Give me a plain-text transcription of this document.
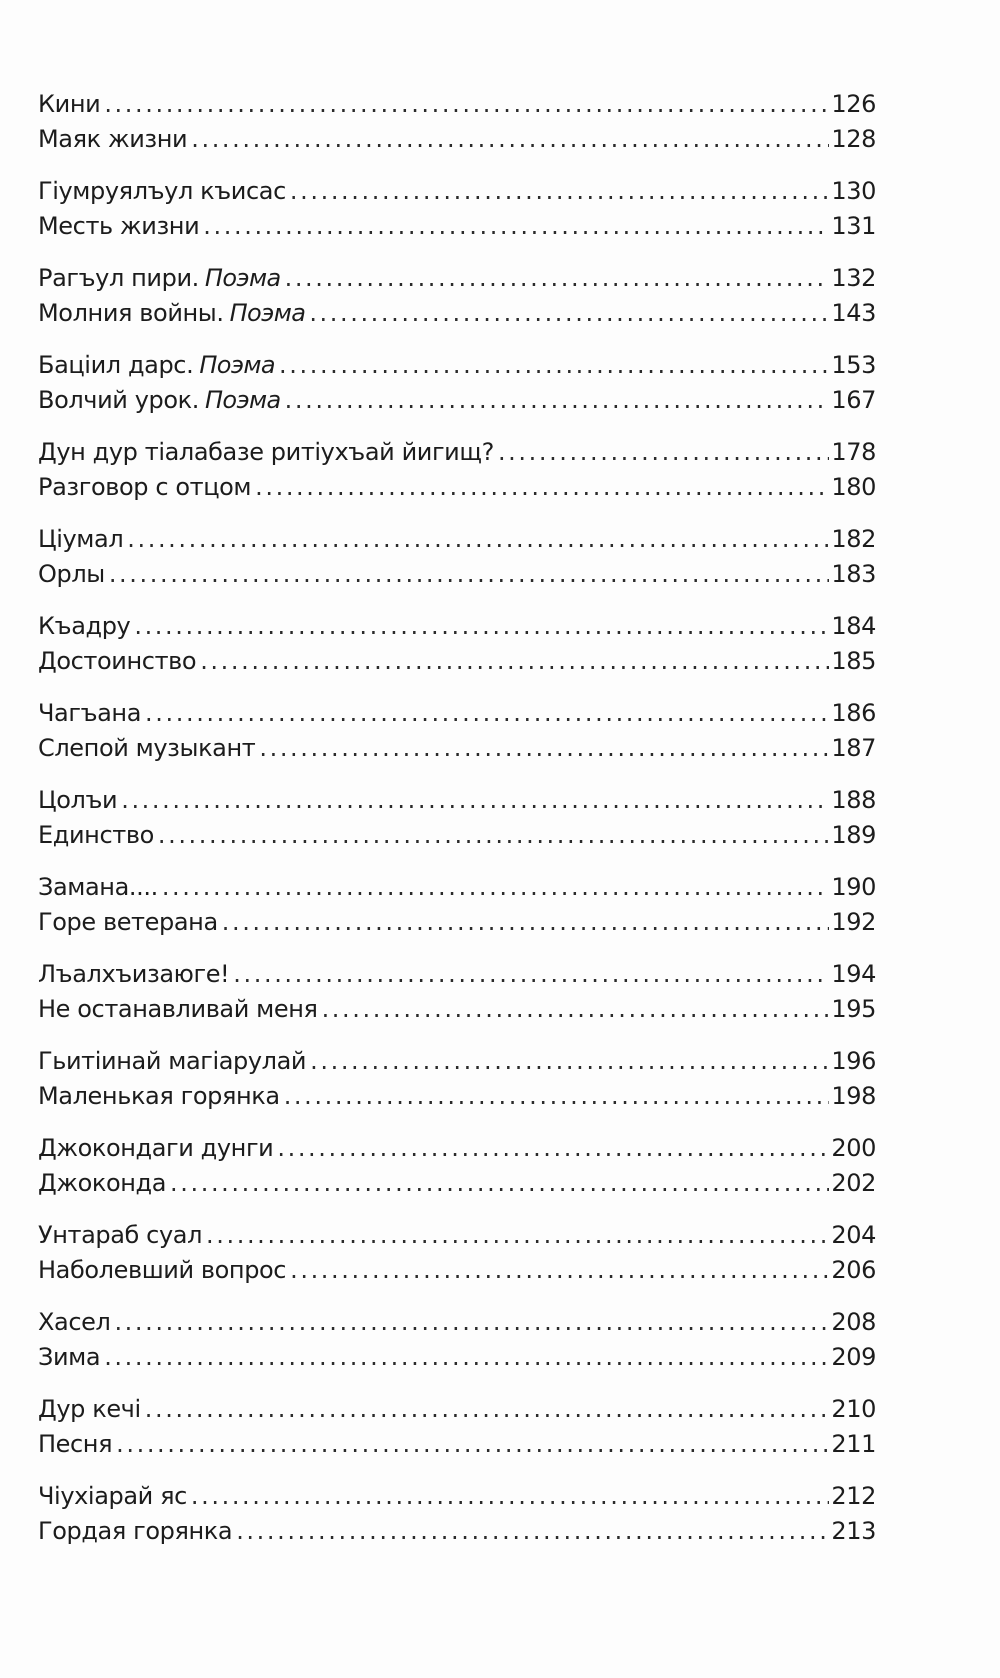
Кини .....	126
Маяк жизни .....	128
Гіумруялъул къисас .....	130
Месть жизни .....	131
Рагъул пири. Поэма .....	132
Молния войны. Поэма .....	143
Баціил дарс. Поэма .....	153
Волчий урок. Поэма .....	167
Дун дур тіалабазе ритіухъай йигищ? .....	178
Разговор с отцом .....	180
Ціумал .....	182
Орлы .....	183
Къадру .....	184
Достоинство .....	185
Чагъана .....	186
Слепой музыкант .....	187
Цолъи .....	188
Единство .....	189
Замана.... .....	190
Горе ветерана .....	192
Лъалхъизаюге! .....	194
Не останавливай меня .....	195
Гьитіинай магіарулай .....	196
Маленькая горянка .....	198
Джокондаги дунги .....	200
Джоконда .....	202
Унтараб суал .....	204
Наболевший вопрос .....	206
Хасел .....	208
Зима .....	209
Дур кечі .....	210
Песня .....	211
Чіухіарай яс .....	212
Гордая горянка .....	213
